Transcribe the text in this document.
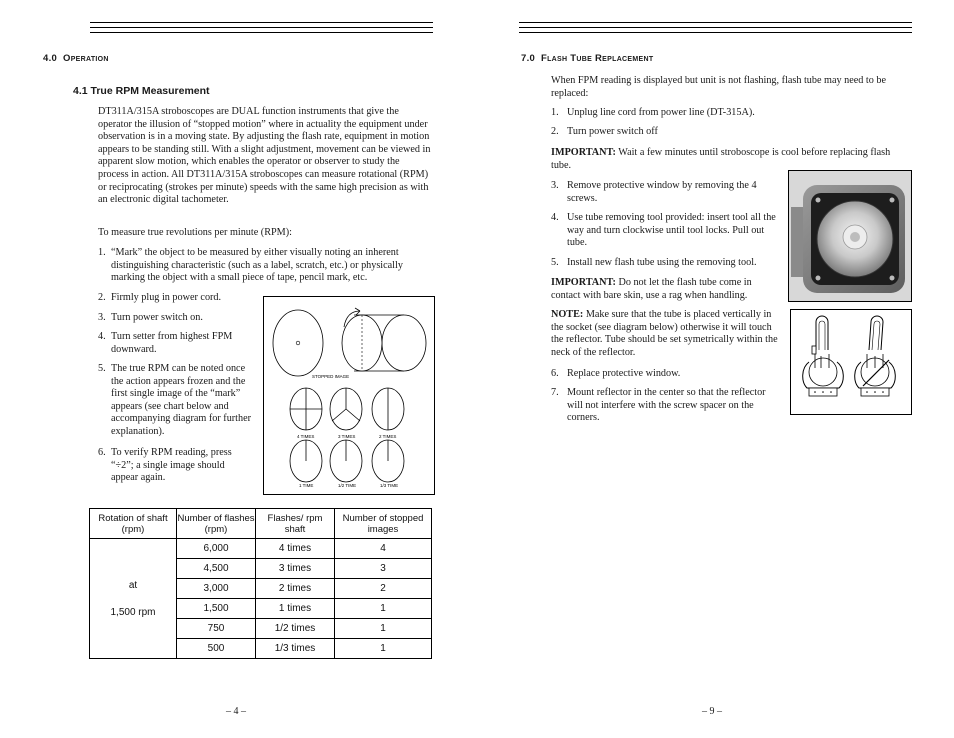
4.0 Operation
4.1 True RPM Measurement
DT311A/315A stroboscopes are DUAL function instruments that give the operator the illusion of “stopped motion” where in actuality the equipment under observation is in a moving state. By adjusting the flash rate, equipment in motion appears to be standing still. With a slight adjustment, movement can be viewed in apparent slow motion, which enables the operator or observer to study the process in action. All DT311A/315A stroboscopes can measure rotational (RPM) or reciprocating (strokes per minute) speeds with the same high precision as with an electronic digital tachometer.
To measure true revolutions per minute (RPM):
1. “Mark” the object to be measured by either visually noting an inherent distinguishing characteristic (such as a label, scratch, etc.) or physically marking the object with a small piece of tape, pencil mark, etc.
2. Firmly plug in power cord.
3. Turn power switch on.
4. Turn setter from highest FPM downward.
5. The true RPM can be noted once the action appears frozen and the first single image of the “mark” appears (see chart below and accompanying diagram for further explanation).
6. To verify RPM reading, press “÷2”; a single image should appear again.
STOPPED IMAGE
4 TIMES	3 TIMES	2 TIMES
1 TIME	1/2 TIME	1/3 TIME
Rotation of shaft (rpm)	Number of flashes (rpm)	Flashes/ rpm shaft	Number of stopped images

at
1,500 rpm	6,000	4 times	4
	4,500	3 times	3
	3,000	2 times	2
	1,500	1 times	1
	750	1/2 times	1
	500	1/3 times	1
– 4 –
7.0 Flash Tube Replacement
When FPM reading is displayed but unit is not flashing, flash tube may need to be replaced:
1. Unplug line cord from power line (DT-315A).
2. Turn power switch off
IMPORTANT: Wait a few minutes until stroboscope is cool before replacing flash tube.
3. Remove protective window by removing the 4 screws.
4. Use tube removing tool provided: insert tool all the way and turn clockwise until tool locks. Pull out tube.
5. Install new flash tube using the removing tool.
IMPORTANT: Do not let the flash tube come in contact with bare skin, use a rag when handling.
NOTE: Make sure that the tube is placed vertically in the socket (see diagram below) otherwise it will touch the reflector. Tube should be set symetrically within the neck of the reflector.
6. Replace protective window.
7. Mount reflector in the center so that the reflector will not interfere with the screw spacer on the corners.
– 9 –
